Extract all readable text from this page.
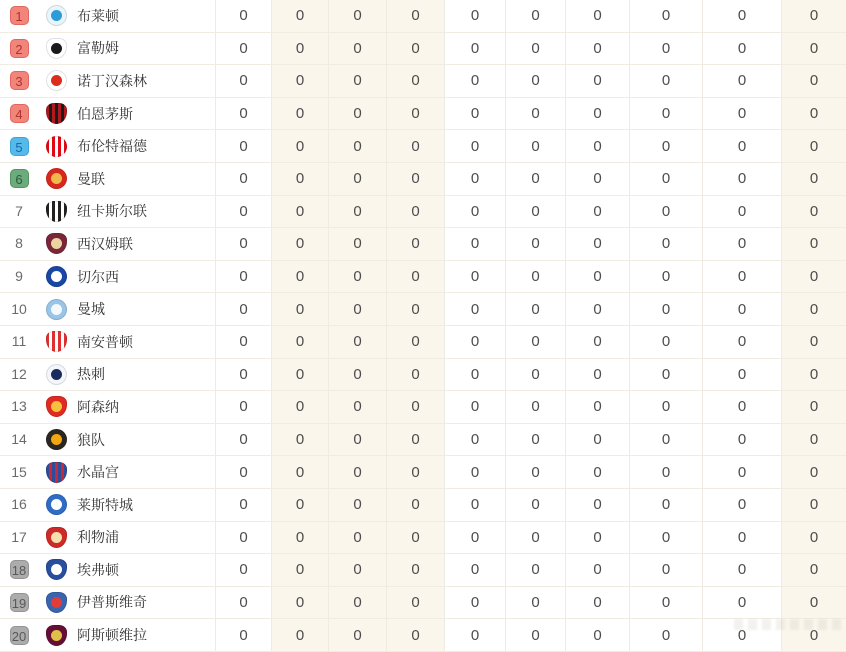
1	布莱顿	0	0	0	0	0	0	0	0	0	0
2	富勒姆	0	0	0	0	0	0	0	0	0	0
3	诺丁汉森林	0	0	0	0	0	0	0	0	0	0
4	伯恩茅斯	0	0	0	0	0	0	0	0	0	0
5	布伦特福德	0	0	0	0	0	0	0	0	0	0
6	曼联	0	0	0	0	0	0	0	0	0	0
7	纽卡斯尔联	0	0	0	0	0	0	0	0	0	0
8	西汉姆联	0	0	0	0	0	0	0	0	0	0
9	切尔西	0	0	0	0	0	0	0	0	0	0
10	曼城	0	0	0	0	0	0	0	0	0	0
11	南安普顿	0	0	0	0	0	0	0	0	0	0
12	热刺	0	0	0	0	0	0	0	0	0	0
13	阿森纳	0	0	0	0	0	0	0	0	0	0
14	狼队	0	0	0	0	0	0	0	0	0	0
15	水晶宫	0	0	0	0	0	0	0	0	0	0
16	莱斯特城	0	0	0	0	0	0	0	0	0	0
17	利物浦	0	0	0	0	0	0	0	0	0	0
18	埃弗顿	0	0	0	0	0	0	0	0	0	0
19	伊普斯维奇	0	0	0	0	0	0	0	0	0	0
20	阿斯顿维拉	0	0	0	0	0	0	0	0	0	0
